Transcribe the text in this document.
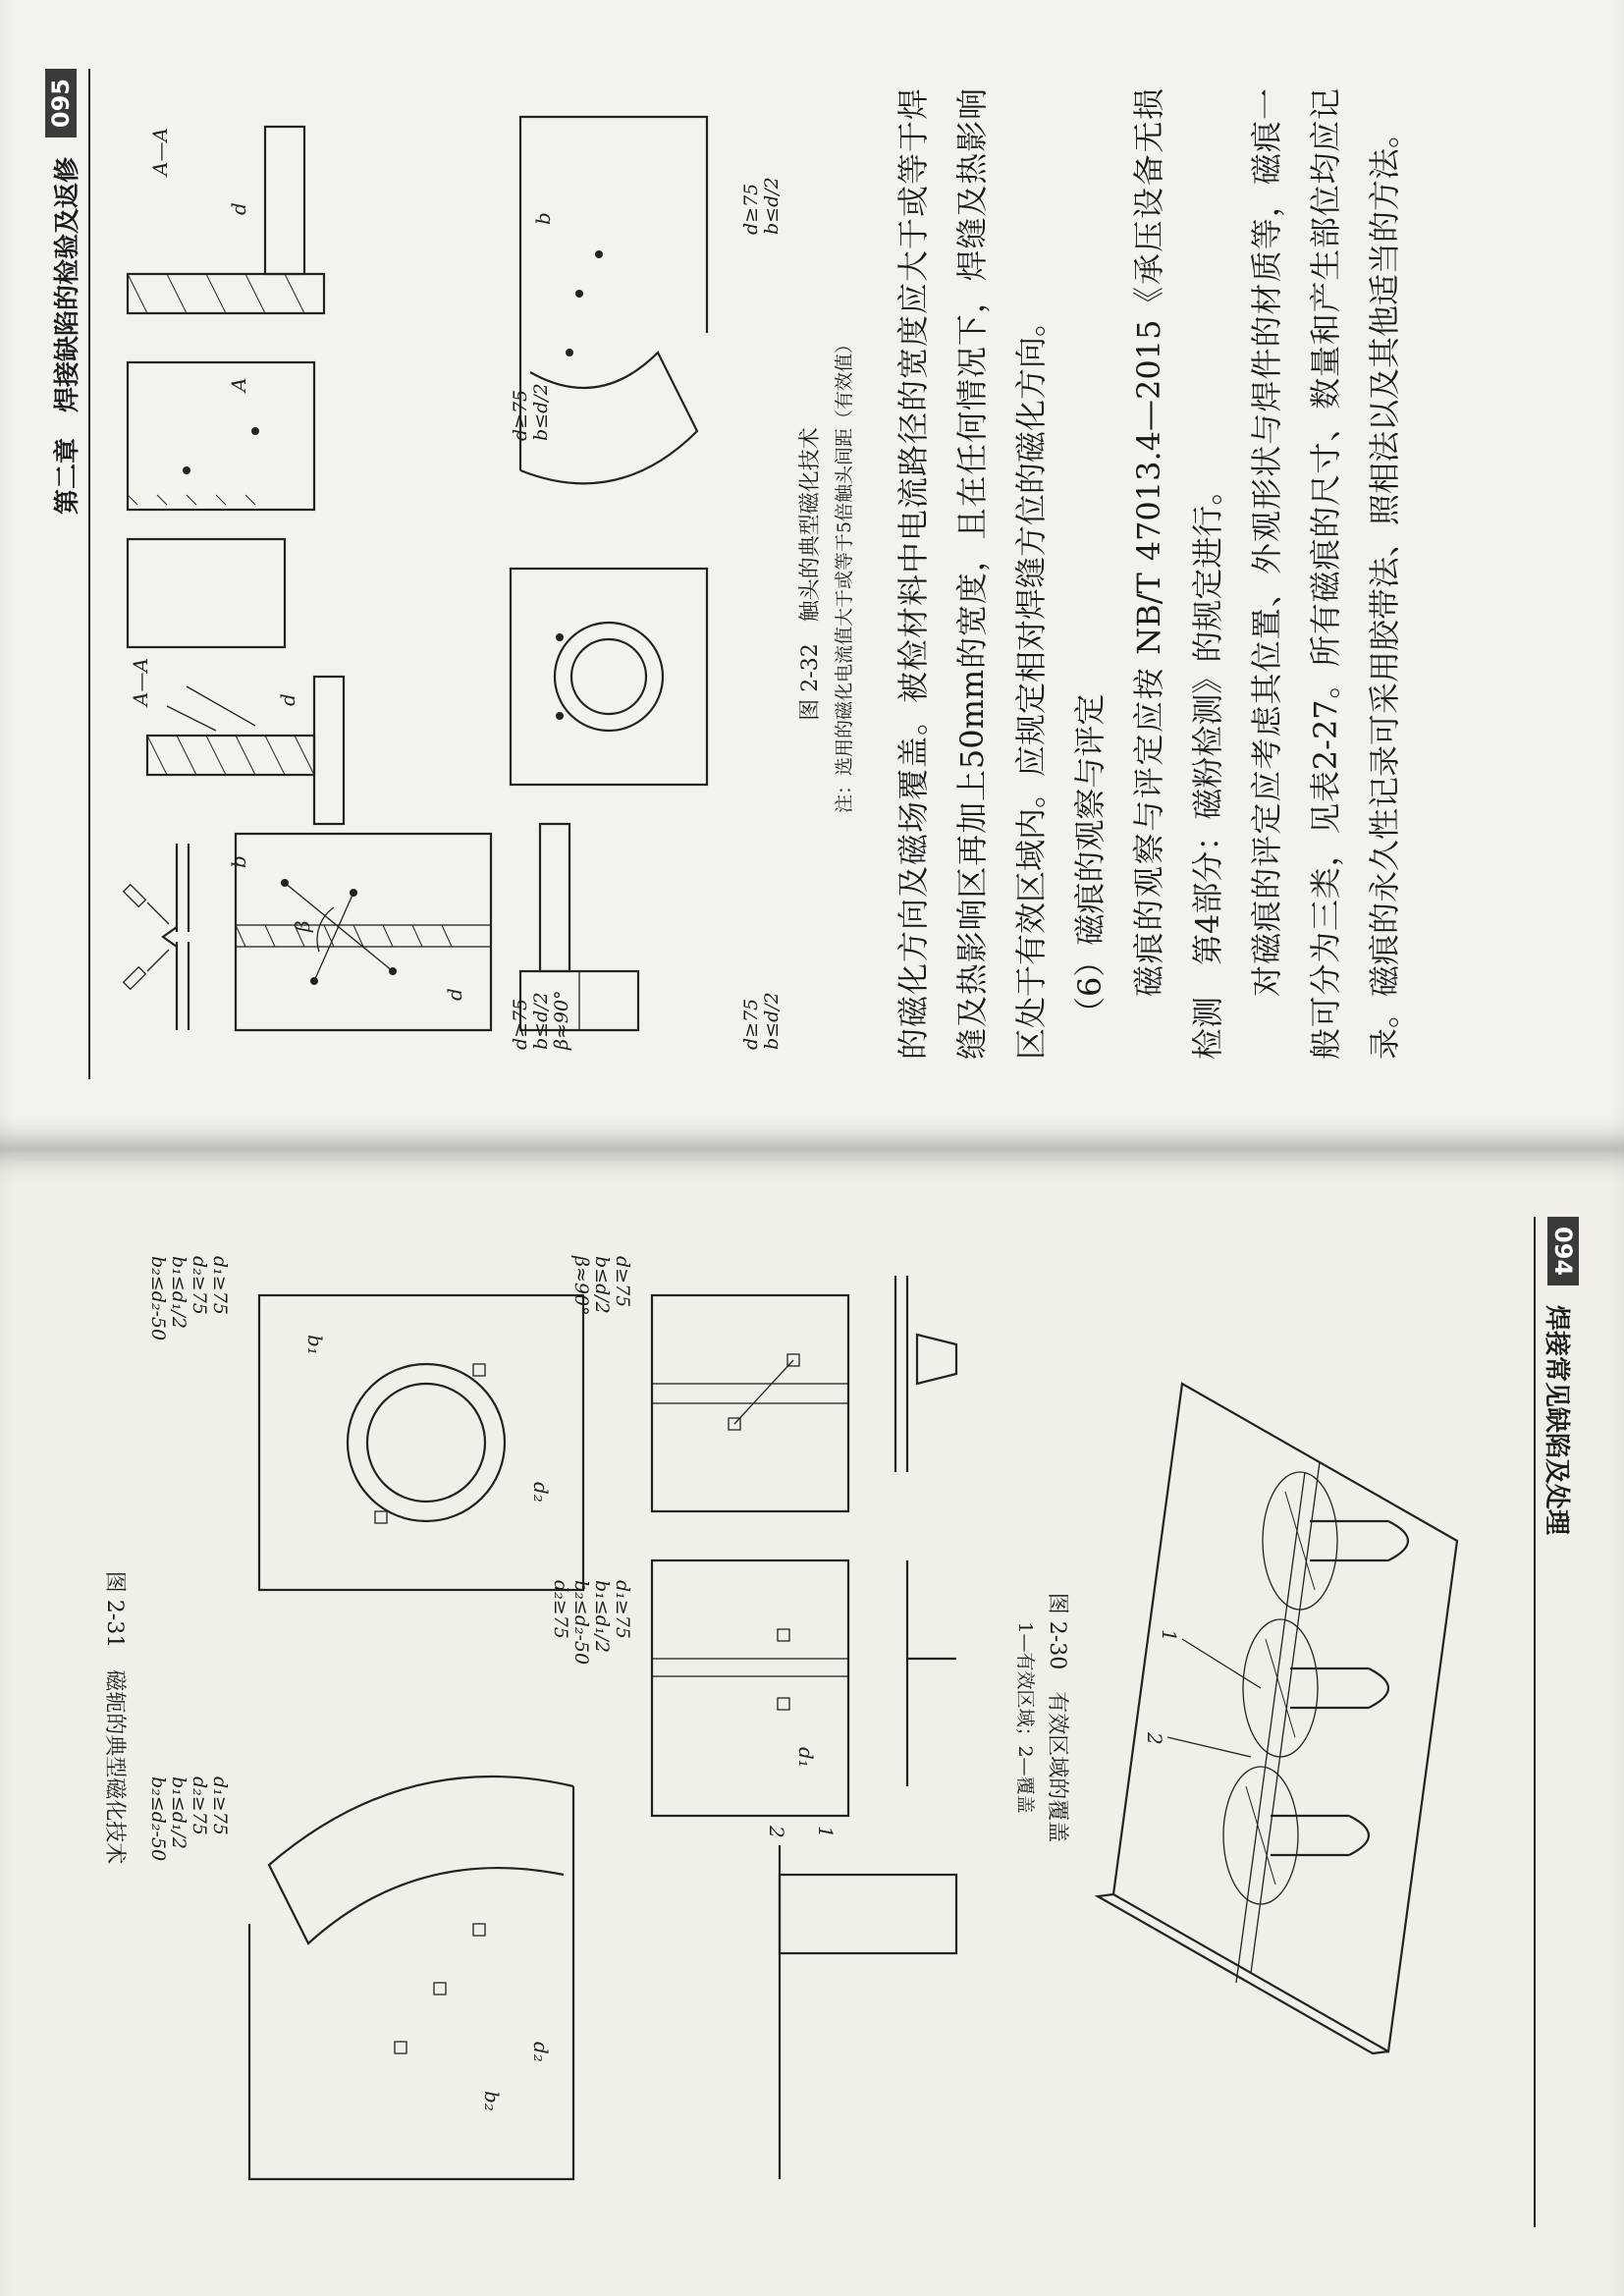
第二章　焊接缺陷的检验及返修
095
β
b
d
A—A	d
A
A—A
d
b
d≥75 b≤d/2 β≈90°
d≥75 b≤d/2
d≥75 b≤d/2
d≥75 b≤d/2
图 2-32　触头的典型磁化技术 注：选用的磁化电流值大于或等于5倍触头间距（有效值）	的磁化方向及磁场覆盖。被检材料中电流路径的宽度应大于或等于焊缝及热影响区再加上50mm的宽度，且在任何情况下，焊缝及热影响区处于有效区域内。应规定相对焊缝方位的磁化方向。 （6）磁痕的观察与评定 磁痕的观察与评定应按 NB/T 47013.4—2015《承压设备无损检测　第4部分：磁粉检测》的规定进行。 对磁痕的评定应考虑其位置、外观形状与焊件的材质等，磁痕一般可分为三类，见表2-27。所有磁痕的尺寸、数量和产生部位均应记录。磁痕的永久性记录可采用胶带法、照相法以及其他适当的方法。

094
焊接常见缺陷及处理
1
2
图 2-30　有效区域的覆盖
1—有效区域；2—覆盖
d₁
1
2
d₂
b₁
b₂
d₂
d≥75
b≤d/2
β≈90°
d₁≥75
b₁≤d₁/2
b₂≤d₂-50
d₂≥75
d₁≥75
d₂≥75
b₁≤d₁/2
b₂≤d₂-50
d₁≥75
d₂≥75
b₁≤d₁/2
b₂≤d₂-50
图 2-31　磁轭的典型磁化技术
